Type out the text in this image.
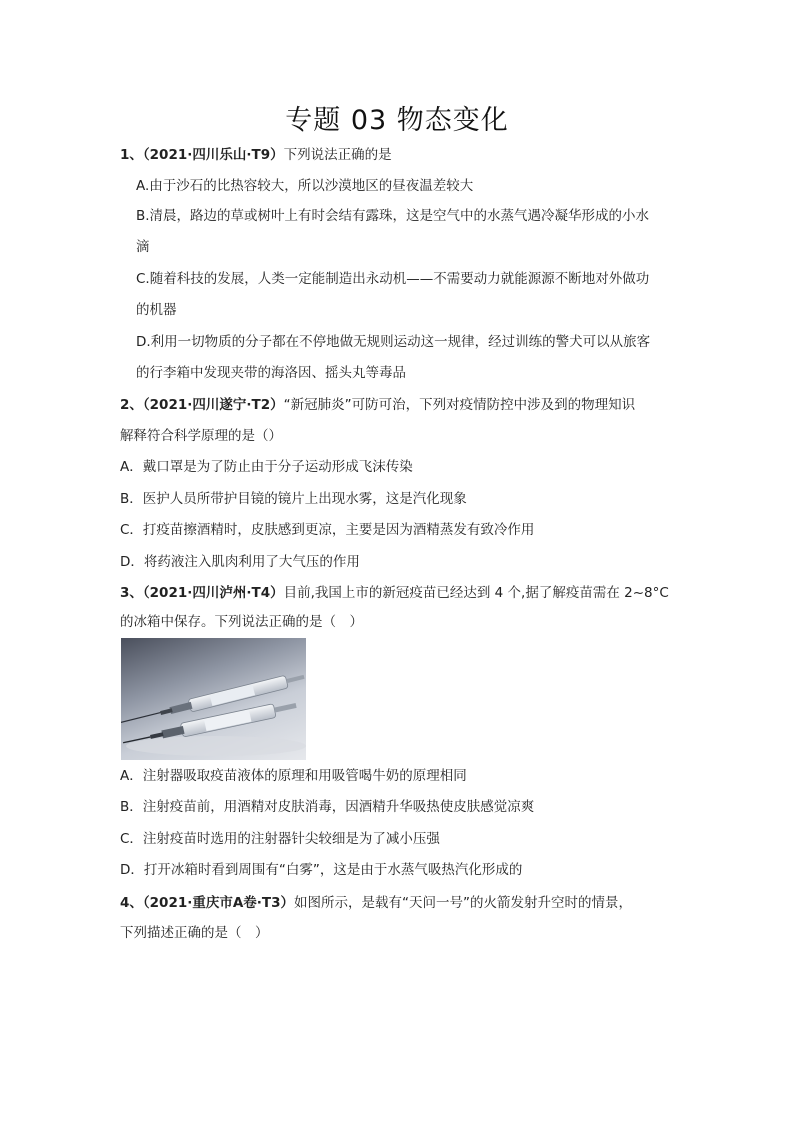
专题 03 物态变化
1、（2021·四川乐山·T9）下列说法正确的是
A.由于沙石的比热容较大，所以沙漠地区的昼夜温差较大
B.清晨，路边的草或树叶上有时会结有露珠，这是空气中的水蒸气遇冷凝华形成的小水
滴
C.随着科技的发展，人类一定能制造出永动机——不需要动力就能源源不断地对外做功
的机器
D.利用一切物质的分子都在不停地做无规则运动这一规律，经过训练的警犬可以从旅客
的行李箱中发现夹带的海洛因、摇头丸等毒品
2、（2021·四川遂宁·T2）“新冠肺炎”可防可治，下列对疫情防控中涉及到的物理知识
解释符合科学原理的是（）
A．戴口罩是为了防止由于分子运动形成飞沫传染
B．医护人员所带护目镜的镜片上出现水雾，这是汽化现象
C．打疫苗擦酒精时，皮肤感到更凉，主要是因为酒精蒸发有致冷作用
D．将药液注入肌肉利用了大气压的作用
3、（2021·四川泸州·T4）目前,我国上市的新冠疫苗已经达到 4 个,据了解疫苗需在 2~8°C
的冰箱中保存。下列说法正确的是（　）
A．注射器吸取疫苗液体的原理和用吸管喝牛奶的原理相同
B．注射疫苗前，用酒精对皮肤消毒，因酒精升华吸热使皮肤感觉凉爽
C．注射疫苗时选用的注射器针尖较细是为了减小压强
D．打开冰箱时看到周围有“白雾”，这是由于水蒸气吸热汽化形成的
4、（2021·重庆市A卷·T3）如图所示，是载有“天问一号”的火箭发射升空时的情景，
下列描述正确的是（　）
